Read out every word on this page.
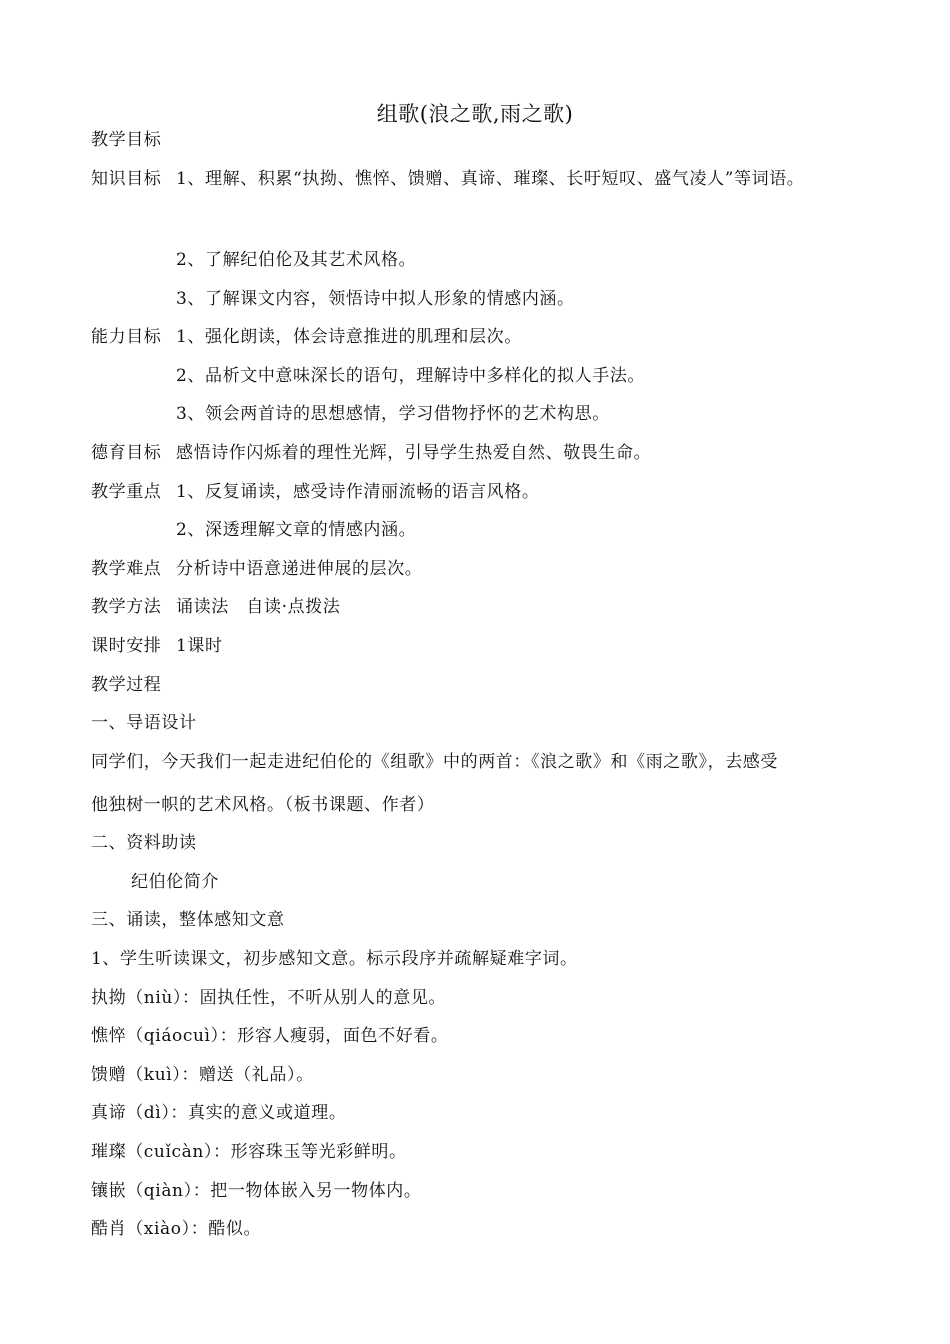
组歌(浪之歌,雨之歌)
教学目标
知识目标 1、理解、积累“执拗、憔悴、馈赠、真谛、璀璨、长吁短叹、盛气凌人”等词语。
2、了解纪伯伦及其艺术风格。
3、了解课文内容，领悟诗中拟人形象的情感内涵。
能力目标 1、强化朗读，体会诗意推进的肌理和层次。
2、品析文中意味深长的语句，理解诗中多样化的拟人手法。
3、领会两首诗的思想感情，学习借物抒怀的艺术构思。
德育目标 感悟诗作闪烁着的理性光辉，引导学生热爱自然、敬畏生命。
教学重点 1、反复诵读，感受诗作清丽流畅的语言风格。
2、深透理解文章的情感内涵。
教学难点 分析诗中语意递进伸展的层次。
教学方法 诵读法　自读·点拨法
课时安排 1课时
教学过程
一、导语设计
同学们，今天我们一起走进纪伯伦的《组歌》中的两首：《浪之歌》和《雨之歌》，去感受
他独树一帜的艺术风格。（板书课题、作者）
二、资料助读
纪伯伦简介
三、诵读，整体感知文意
1、学生听读课文，初步感知文意。标示段序并疏解疑难字词。
执拗（niù）：固执任性，不听从别人的意见。
憔悴（qiáocuì）：形容人瘦弱，面色不好看。
馈赠（kuì）：赠送（礼品）。
真谛（dì）：真实的意义或道理。
璀璨（cuǐcàn）：形容珠玉等光彩鲜明。
镶嵌（qiàn）：把一物体嵌入另一物体内。
酷肖（xiào）：酷似。
